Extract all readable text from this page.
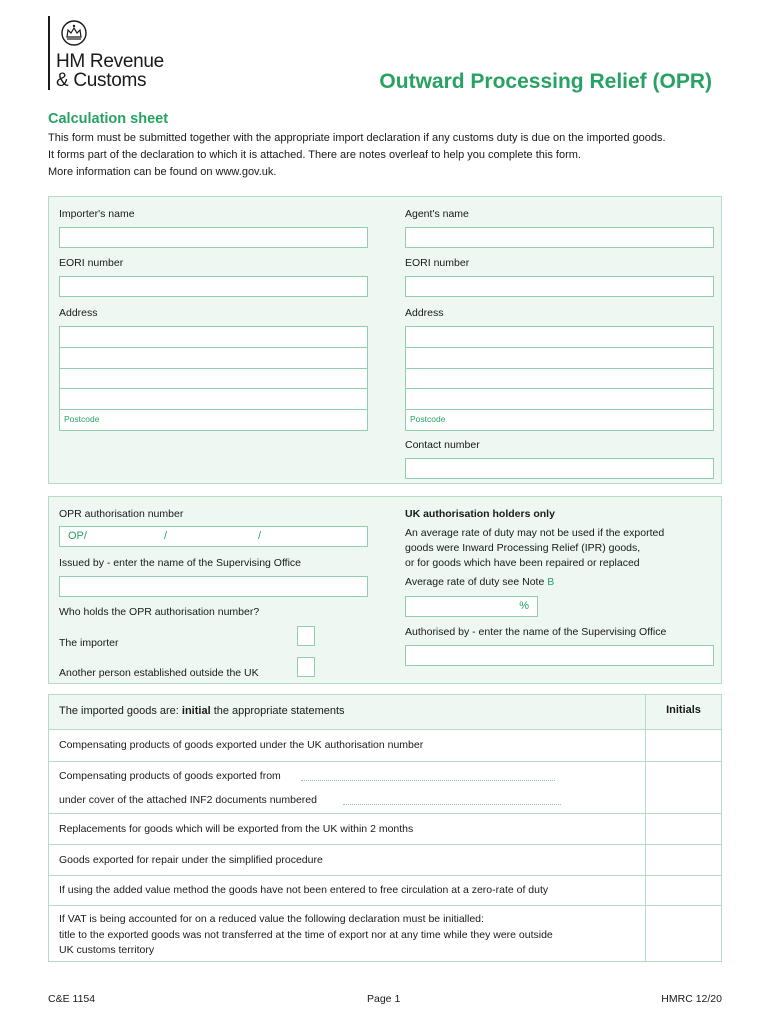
HM Revenue
& Customs	Outward Processing Relief (OPR)
Calculation sheet
This form must be submitted together with the appropriate import declaration if any customs duty is due on the imported goods.
It forms part of the declaration to which it is attached. There are notes overleaf to help you complete this form.
More information can be found on www.gov.uk.
Importer's name	Agent's name
EORI number	EORI number
Address
Postcode
Address
Postcode
Contact number
OPR authorisation number
OP/	/	/
Issued by - enter the name of the Supervising Office
Who holds the OPR authorisation number?
The importer
Another person established outside the UK
UK authorisation holders only
An average rate of duty may not be used if the exported
goods were Inward Processing Relief (IPR) goods,
or for goods which have been repaired or replaced
Average rate of duty see Note B
%
Authorised by - enter the name of the Supervising Office
The imported goods are: initial the appropriate statements	Initials
Compensating products of goods exported under the UK authorisation number
Compensating products of goods exported from
under cover of the attached INF2 documents numbered
Replacements for goods which will be exported from the UK within 2 months
Goods exported for repair under the simplified procedure
If using the added value method the goods have not been entered to free circulation at a zero-rate of duty
If VAT is being accounted for on a reduced value the following declaration must be initialled:
title to the exported goods was not transferred at the time of export nor at any time while they were outside
UK customs territory
C&E 1154	Page 1	HMRC 12/20
